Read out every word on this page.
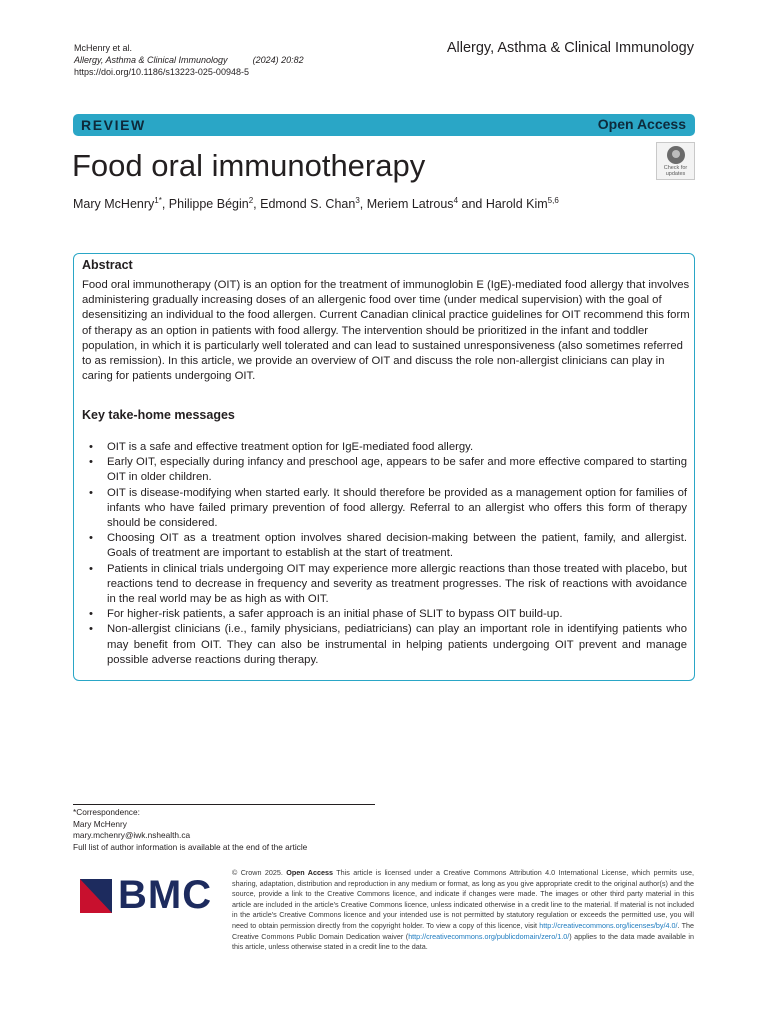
McHenry et al.
Allergy, Asthma & Clinical Immunology	(2024) 20:82
https://doi.org/10.1186/s13223-025-00948-5
Allergy, Asthma & Clinical Immunology
REVIEW	Open Access
Food oral immunotherapy	Check for
updates
Mary McHenry$^{1*}$, Philippe Bégin$^2$, Edmond S. Chan$^3$, Meriem Latrous$^4$ and Harold Kim$^{5,6}$
Abstract

Food oral immunotherapy (OIT) is an option for the treatment of immunoglobin E (IgE)-mediated food allergy that involves administering gradually increasing doses of an allergenic food over time (under medical supervision) with the goal of desensitizing an individual to the food allergen. Current Canadian clinical practice guidelines for OIT recommend this form of therapy as an option in patients with food allergy. The intervention should be prioritized in the infant and toddler population, in which it is particularly well tolerated and can lead to sustained unresponsiveness (also sometimes referred to as remission). In this article, we provide an overview of OIT and discuss the role non-allergist clinicians can play in caring for patients undergoing OIT.

Key take-home messages
• OIT is a safe and effective treatment option for IgE-mediated food allergy.
• Early OIT, especially during infancy and preschool age, appears to be safer and more effective compared to starting OIT in older children.
• OIT is disease-modifying when started early. It should therefore be provided as a management option for families of infants who have failed primary prevention of food allergy. Referral to an allergist who offers this form of therapy should be considered.
• Choosing OIT as a treatment option involves shared decision-making between the patient, family, and allergist. Goals of treatment are important to establish at the start of treatment.
• Patients in clinical trials undergoing OIT may experience more allergic reactions than those treated with placebo, but reactions tend to decrease in frequency and severity as treatment progresses. The risk of reactions with avoidance in the real world may be as high as with OIT.
• For higher-risk patients, a safer approach is an initial phase of SLIT to bypass OIT build-up.
• Non-allergist clinicians (i.e., family physicians, pediatricians) can play an important role in identifying patients who may benefit from OIT. They can also be instrumental in helping patients undergoing OIT prevent and manage possible adverse reactions during therapy.
*Correspondence:
Mary McHenry
mary.mchenry@iwk.nshealth.ca
Full list of author information is available at the end of the article
BMC
© Crown 2025. Open Access This article is licensed under a Creative Commons Attribution 4.0 International License, which permits use, sharing, adaptation, distribution and reproduction in any medium or format, as long as you give appropriate credit to the original author(s) and the source, provide a link to the Creative Commons licence, and indicate if changes were made. The images or other third party material in this article are included in the article's Creative Commons licence, unless indicated otherwise in a credit line to the material. If material is not included in the article's Creative Commons licence and your intended use is not permitted by statutory regulation or exceeds the permitted use, you will need to obtain permission directly from the copyright holder. To view a copy of this licence, visit http://creativecommons.org/licenses/by/4.0/. The Creative Commons Public Domain Dedication waiver (http://creativecommons.org/publicdomain/zero/1.0/) applies to the data made available in this article, unless otherwise stated in a credit line to the data.
